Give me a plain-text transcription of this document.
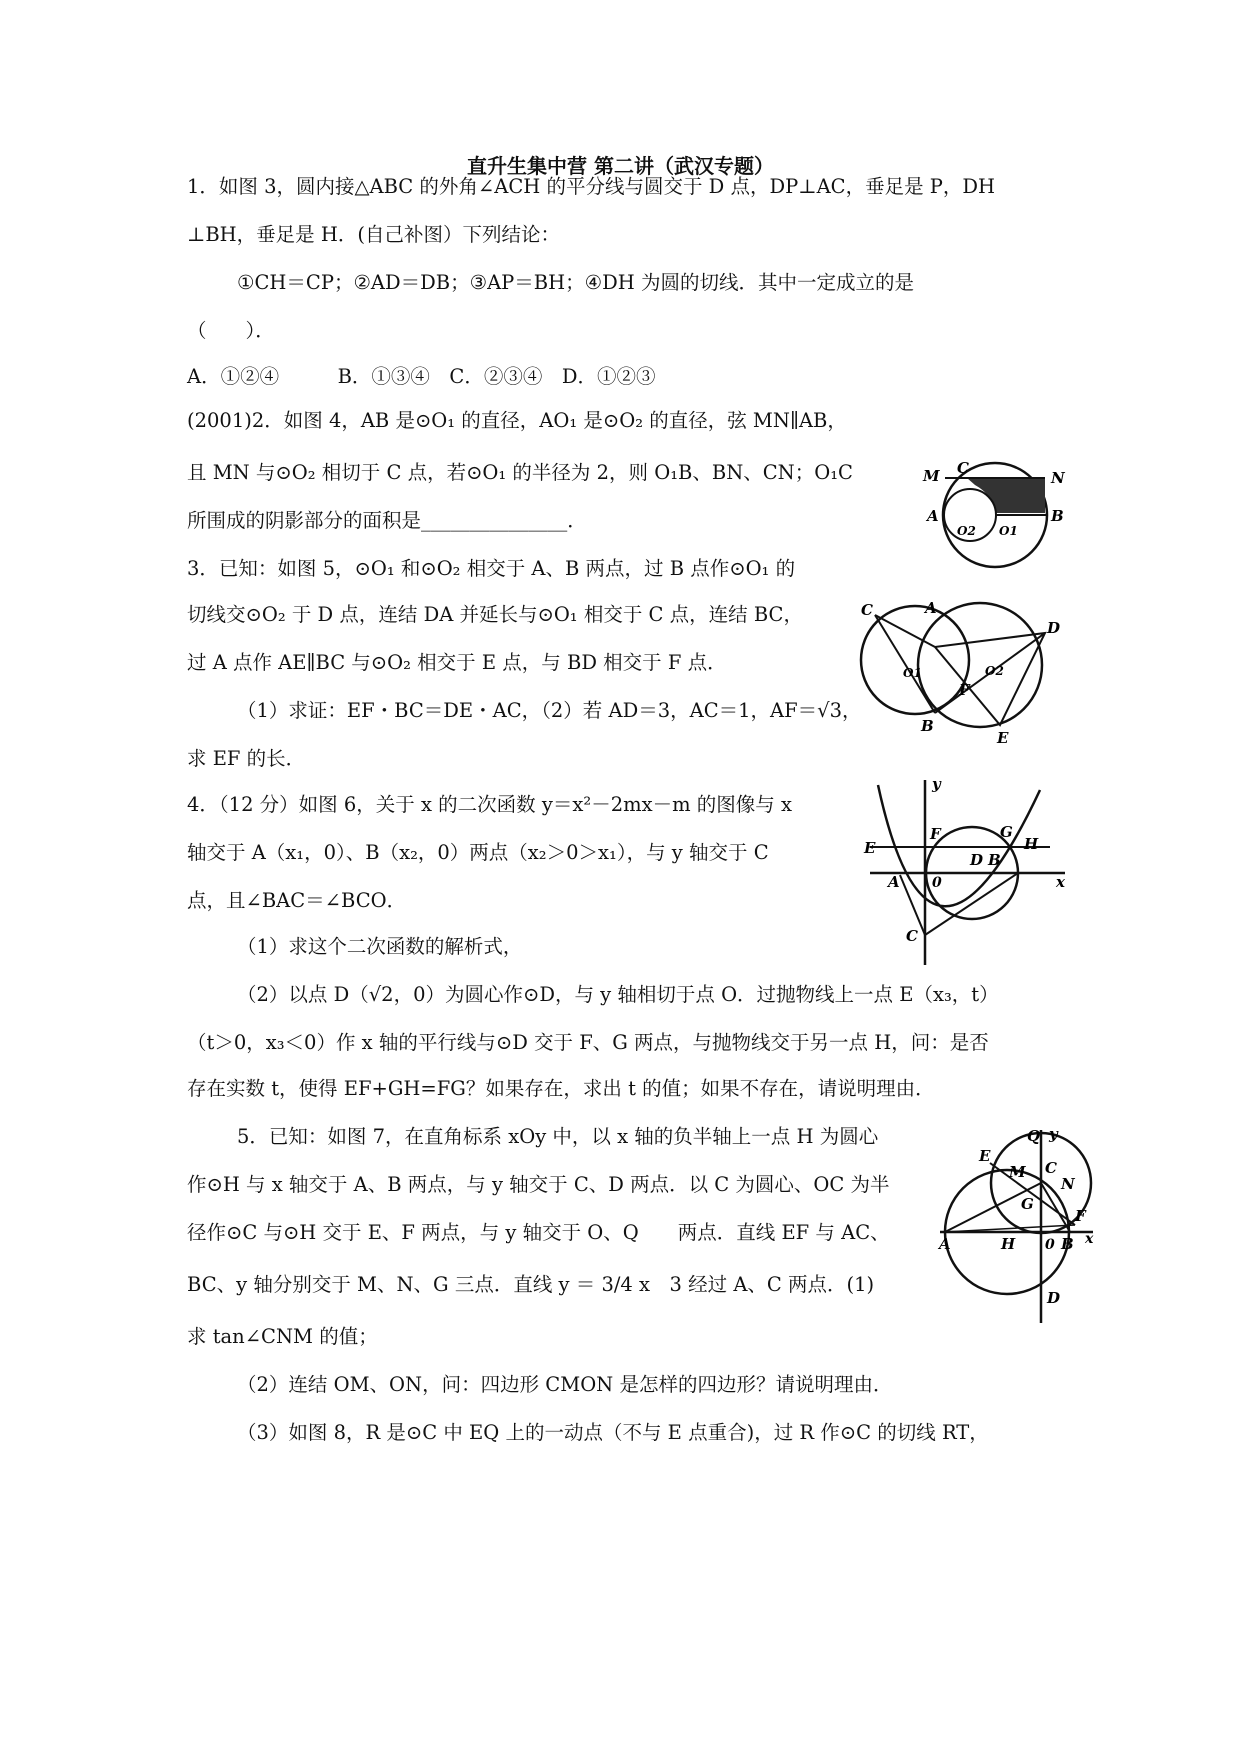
直升生集中营 第二讲（武汉专题）
1．如图 3，圆内接△ABC 的外角∠ACH 的平分线与圆交于 D 点，DP⊥AC，垂足是 P，DH
⊥BH，垂足是 H．(自己补图）下列结论：
①CH＝CP；②AD＝DB；③AP＝BH；④DH 为圆的切线．其中一定成立的是
（　　）．
A．①②④　　　B．①③④　C．②③④　D．①②③
(2001)2．如图 4，AB 是⊙O₁ 的直径，AO₁ 是⊙O₂ 的直径，弦 MN∥AB，
且 MN 与⊙O₂ 相切于 C 点，若⊙O₁ 的半径为 2，则 O₁B、BN、CN；O₁C
所围成的阴影部分的面积是_______________．
3．已知：如图 5，⊙O₁ 和⊙O₂ 相交于 A、B 两点，过 B 点作⊙O₁ 的
切线交⊙O₂ 于 D 点，连结 DA 并延长与⊙O₁ 相交于 C 点，连结 BC，
过 A 点作 AE∥BC 与⊙O₂ 相交于 E 点，与 BD 相交于 F 点．
（1）求证：EF・BC＝DE・AC，（2）若 AD＝3，AC＝1，AF＝√3，
求 EF 的长．
4．（12 分）如图 6，关于 x 的二次函数 y＝x²－2mx－m 的图像与 x
轴交于 A（x₁，0）、B（x₂，0）两点（x₂＞0＞x₁），与 y 轴交于 C
点，且∠BAC＝∠BCO．
（1）求这个二次函数的解析式，
（2）以点 D（√2，0）为圆心作⊙D，与 y 轴相切于点 O．过抛物线上一点 E（x₃，t）
（t＞0，x₃＜0）作 x 轴的平行线与⊙D 交于 F、G 两点，与抛物线交于另一点 H，问：是否
存在实数 t，使得 EF+GH=FG？如果存在，求出 t 的值；如果不存在，请说明理由．
5．已知：如图 7，在直角标系 xOy 中，以 x 轴的负半轴上一点 H 为圆心
作⊙H 与 x 轴交于 A、B 两点，与 y 轴交于 C、D 两点．以 C 为圆心、OC 为半
径作⊙C 与⊙H 交于 E、F 两点，与 y 轴交于 O、Q　　两点．直线 EF 与 AC、
BC、y 轴分别交于 M、N、G 三点．直线 y ＝ 3/4 x　3 经过 A、C 两点．(1)
求 tan∠CNM 的值；
（2）连结 OM、ON，问：四边形 CMON 是怎样的四边形？请说明理由．
（3）如图 8，R 是⊙C 中 EQ 上的一动点（不与 E 点重合)，过 R 作⊙C 的切线 RT，
M C
N
A
O2 O1
B
C	A
D
O1	O2
F
B
E
y
F	G
H
E
D B
A 0	x
C
Q y
E
M C
N
G
F
A	H 0 B x
D
